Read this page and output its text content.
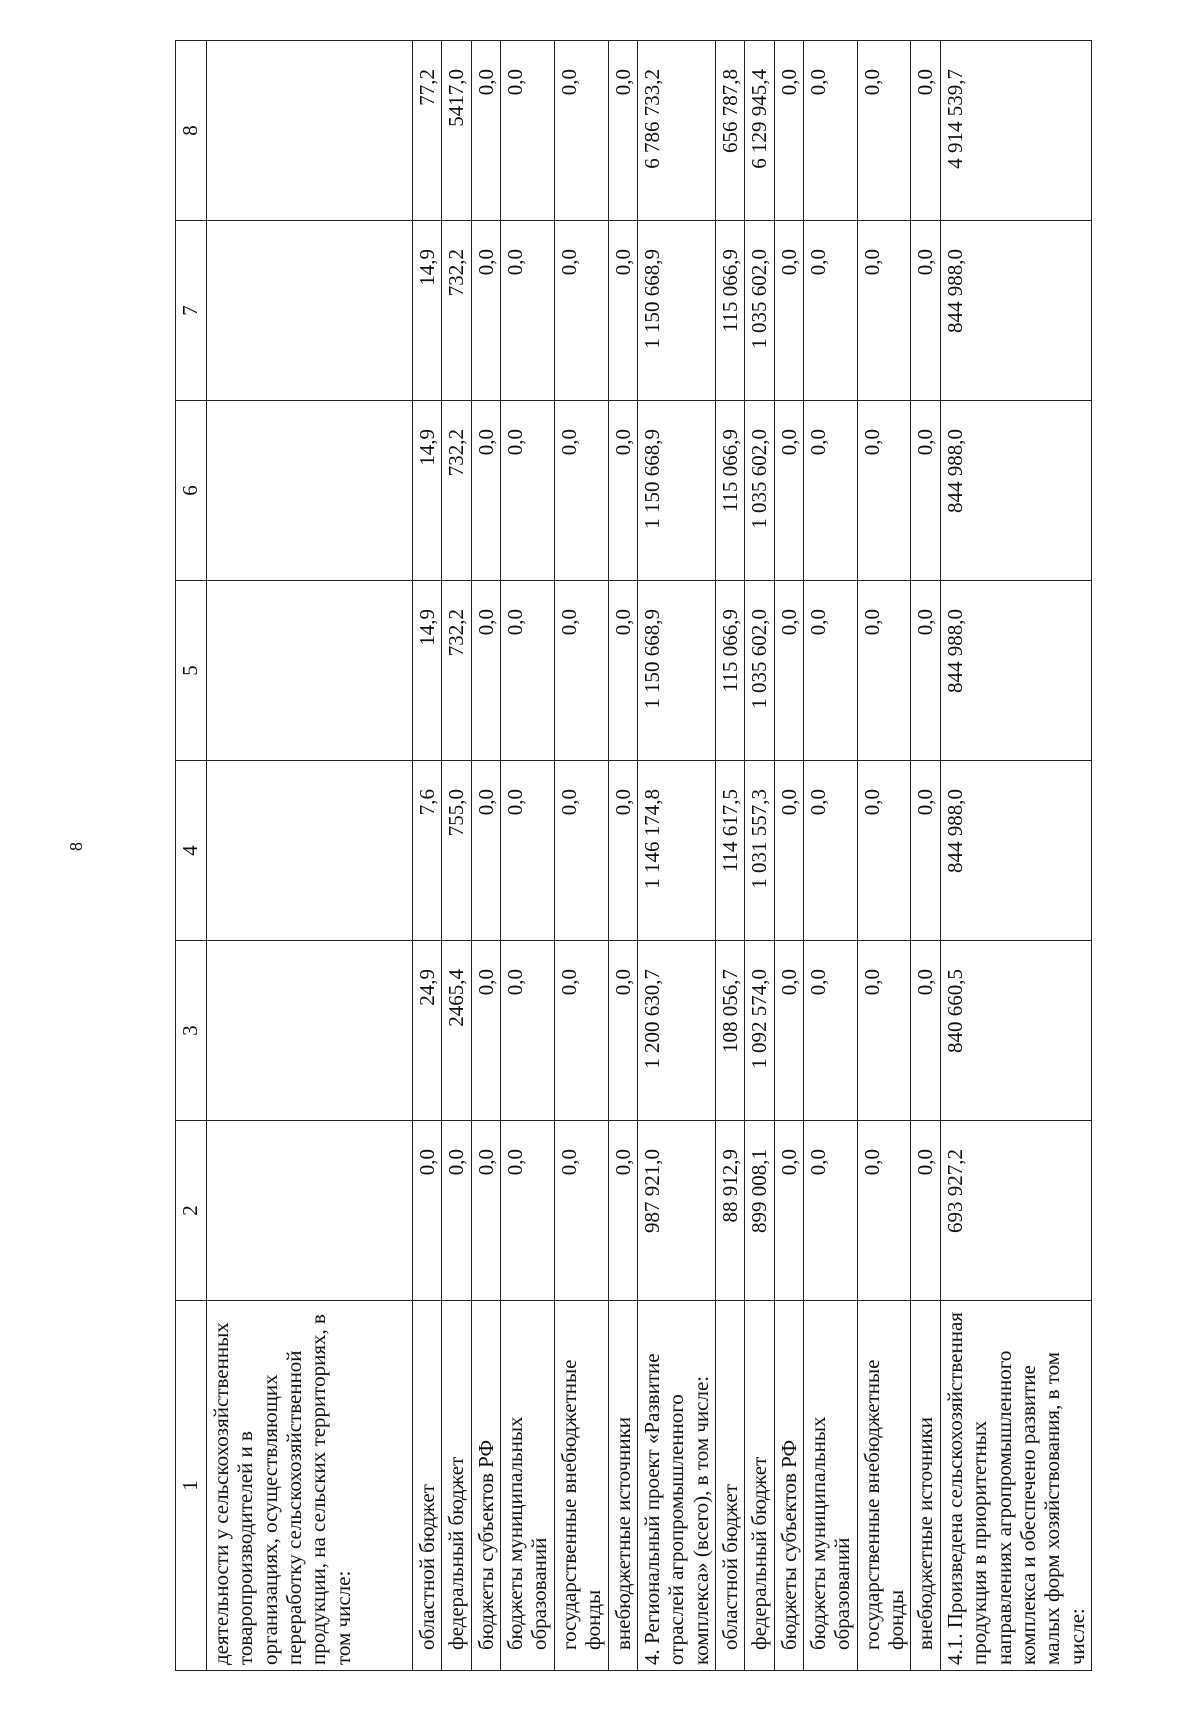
8
1	2	3	4	5	6	7	8
деятельности у сельскохозяйственных товаропроизводителей и в организациях, осуществляющих переработку сельскохозяйственной продукции, на сельских территориях, в том числе:							
областной бюджет	0,0	24,9	7,6	14,9	14,9	14,9	77,2
федеральный бюджет	0,0	2465,4	755,0	732,2	732,2	732,2	5417,0
бюджеты субъектов РФ	0,0	0,0	0,0	0,0	0,0	0,0	0,0
бюджеты муниципальных образований	0,0	0,0	0,0	0,0	0,0	0,0	0,0
государственные внебюджетные фонды	0,0	0,0	0,0	0,0	0,0	0,0	0,0
внебюджетные источники	0,0	0,0	0,0	0,0	0,0	0,0	0,0
4. Региональный проект «Развитие отраслей агропромышленного комплекса» (всего), в том числе:	987 921,0	1 200 630,7	1 146 174,8	1 150 668,9	1 150 668,9	1 150 668,9	6 786 733,2
областной бюджет	88 912,9	108 056,7	114 617,5	115 066,9	115 066,9	115 066,9	656 787,8
федеральный бюджет	899 008,1	1 092 574,0	1 031 557,3	1 035 602,0	1 035 602,0	1 035 602,0	6 129 945,4
бюджеты субъектов РФ	0,0	0,0	0,0	0,0	0,0	0,0	0,0
бюджеты муниципальных образований	0,0	0,0	0,0	0,0	0,0	0,0	0,0
государственные внебюджетные фонды	0,0	0,0	0,0	0,0	0,0	0,0	0,0
внебюджетные источники	0,0	0,0	0,0	0,0	0,0	0,0	0,0
4.1. Произведена сельскохозяйственная продукция в приоритетных направлениях агропромышленного комплекса и обеспечено развитие малых форм хозяйствования, в том числе:	693 927,2	840 660,5	844 988,0	844 988,0	844 988,0	844 988,0	4 914 539,7
